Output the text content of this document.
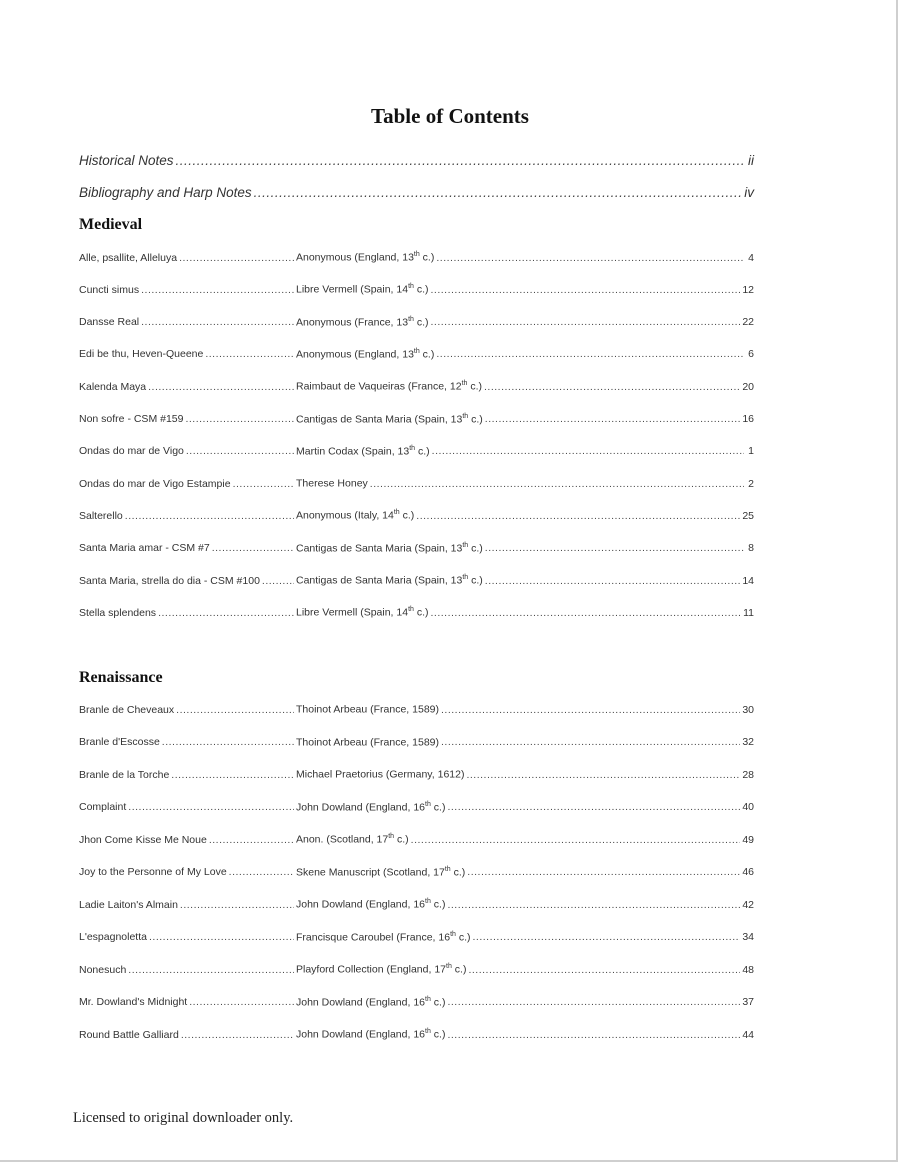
Table of Contents
Historical Notes .....	ii
Bibliography and Harp Notes .....	iv
Medieval
Alle, psallite, Alleluya .....	Anonymous (England, 13th c.) .....	4
Cuncti simus .....	Libre Vermell (Spain, 14th c.) .....	12
Dansse Real .....	Anonymous (France, 13th c.) .....	22
Edi be thu, Heven-Queene .....	Anonymous (England, 13th c.) .....	6
Kalenda Maya .....	Raimbaut de Vaqueiras (France, 12th c.) .....	20
Non sofre - CSM #159 .....	Cantigas de Santa Maria (Spain, 13th c.) .....	16
Ondas do mar de Vigo .....	Martin Codax (Spain, 13th c.) .....	1
Ondas do mar de Vigo Estampie .....	Therese Honey .....	2
Salterello .....	Anonymous (Italy, 14th c.) .....	25
Santa Maria amar - CSM #7 .....	Cantigas de Santa Maria (Spain, 13th c.) .....	8
Santa Maria, strella do dia - CSM #100 .....	Cantigas de Santa Maria (Spain, 13th c.) .....	14
Stella splendens .....	Libre Vermell (Spain, 14th c.) .....	11
Renaissance
Branle de Cheveaux .....	Thoinot Arbeau (France, 1589) .....	30
Branle d'Escosse .....	Thoinot Arbeau (France, 1589) .....	32
Branle de la Torche .....	Michael Praetorius (Germany, 1612) .....	28
Complaint .....	John Dowland (England, 16th c.) .....	40
Jhon Come Kisse Me Noue .....	Anon. (Scotland, 17th c.) .....	49
Joy to the Personne of My Love .....	Skene Manuscript (Scotland, 17th c.) .....	46
Ladie Laiton's Almain .....	John Dowland (England, 16th c.) .....	42
L'espagnoletta .....	Francisque Caroubel (France, 16th c.) .....	34
Nonesuch .....	Playford Collection (England, 17th c.) .....	48
Mr. Dowland's Midnight .....	John Dowland (England, 16th c.) .....	37
Round Battle Galliard .....	John Dowland (England, 16th c.) .....	44
Licensed to original downloader only.
